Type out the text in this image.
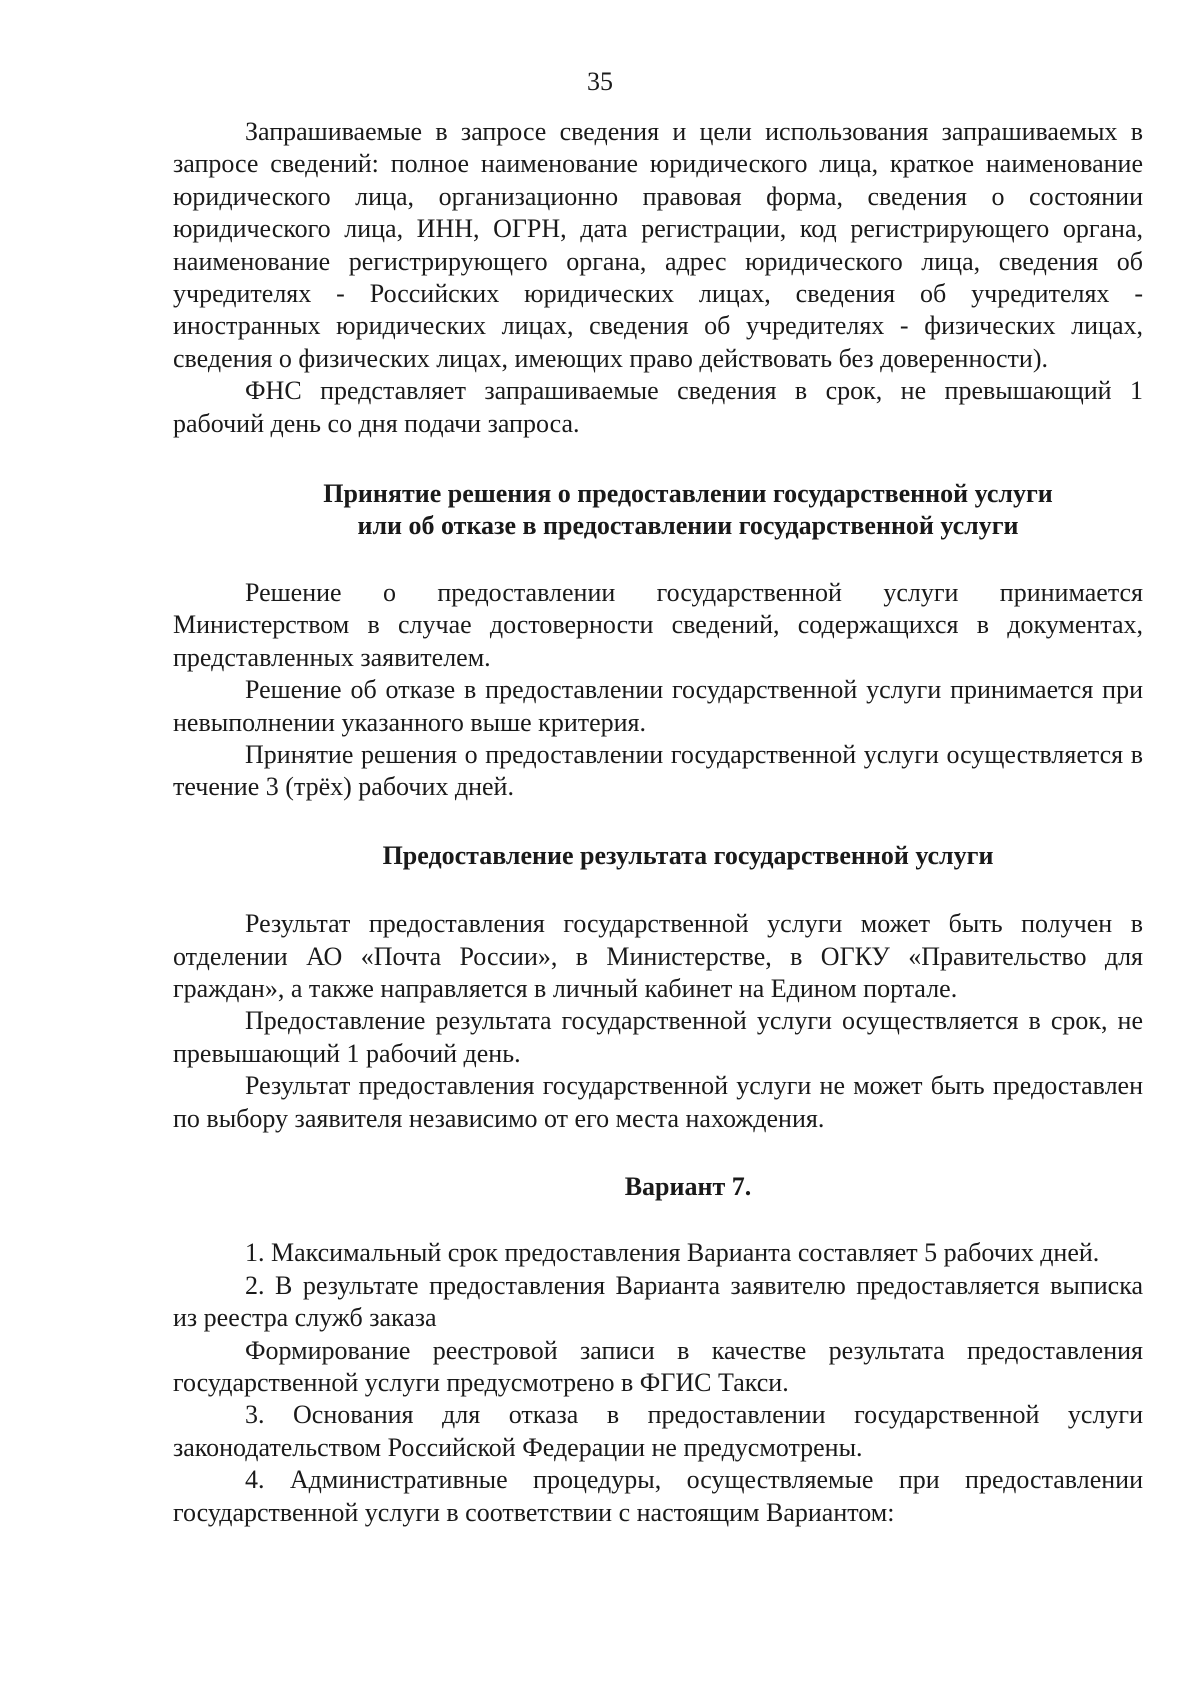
35

Запрашиваемые в запросе сведения и цели использования запрашиваемых в запросе сведений: полное наименование юридического лица, краткое наименование юридического лица, организационно правовая форма, сведения о состоянии юридического лица, ИНН, ОГРН, дата регистрации, код регистрирующего органа, наименование регистрирующего органа, адрес юридического лица, сведения об учредителях - Российских юридических лицах, сведения об учредителях - иностранных юридических лицах, сведения об учредителях - физических лицах, сведения о физических лицах, имеющих право действовать без доверенности).

ФНС представляет запрашиваемые сведения в срок, не превышающий 1 рабочий день со дня подачи запроса.

Принятие решения о предоставлении государственной услуги
или об отказе в предоставлении государственной услуги

Решение о предоставлении государственной услуги принимается Министерством в случае достоверности сведений, содержащихся в документах, представленных заявителем.

Решение об отказе в предоставлении государственной услуги принимается при невыполнении указанного выше критерия.

Принятие решения о предоставлении государственной услуги осуществляется в течение 3 (трёх) рабочих дней.

Предоставление результата государственной услуги

Результат предоставления государственной услуги может быть получен в отделении АО «Почта России», в Министерстве, в ОГКУ «Правительство для граждан», а также направляется в личный кабинет на Едином портале.

Предоставление результата государственной услуги осуществляется в срок, не превышающий 1 рабочий день.

Результат предоставления государственной услуги не может быть предоставлен по выбору заявителя независимо от его места нахождения.

Вариант 7.

1. Максимальный срок предоставления Варианта составляет 5 рабочих дней.

2. В результате предоставления Варианта заявителю предоставляется выписка из реестра служб заказа

Формирование реестровой записи в качестве результата предоставления государственной услуги предусмотрено в ФГИС Такси.

3. Основания для отказа в предоставлении государственной услуги законодательством Российской Федерации не предусмотрены.

4. Административные процедуры, осуществляемые при предоставлении государственной услуги в соответствии с настоящим Вариантом:
